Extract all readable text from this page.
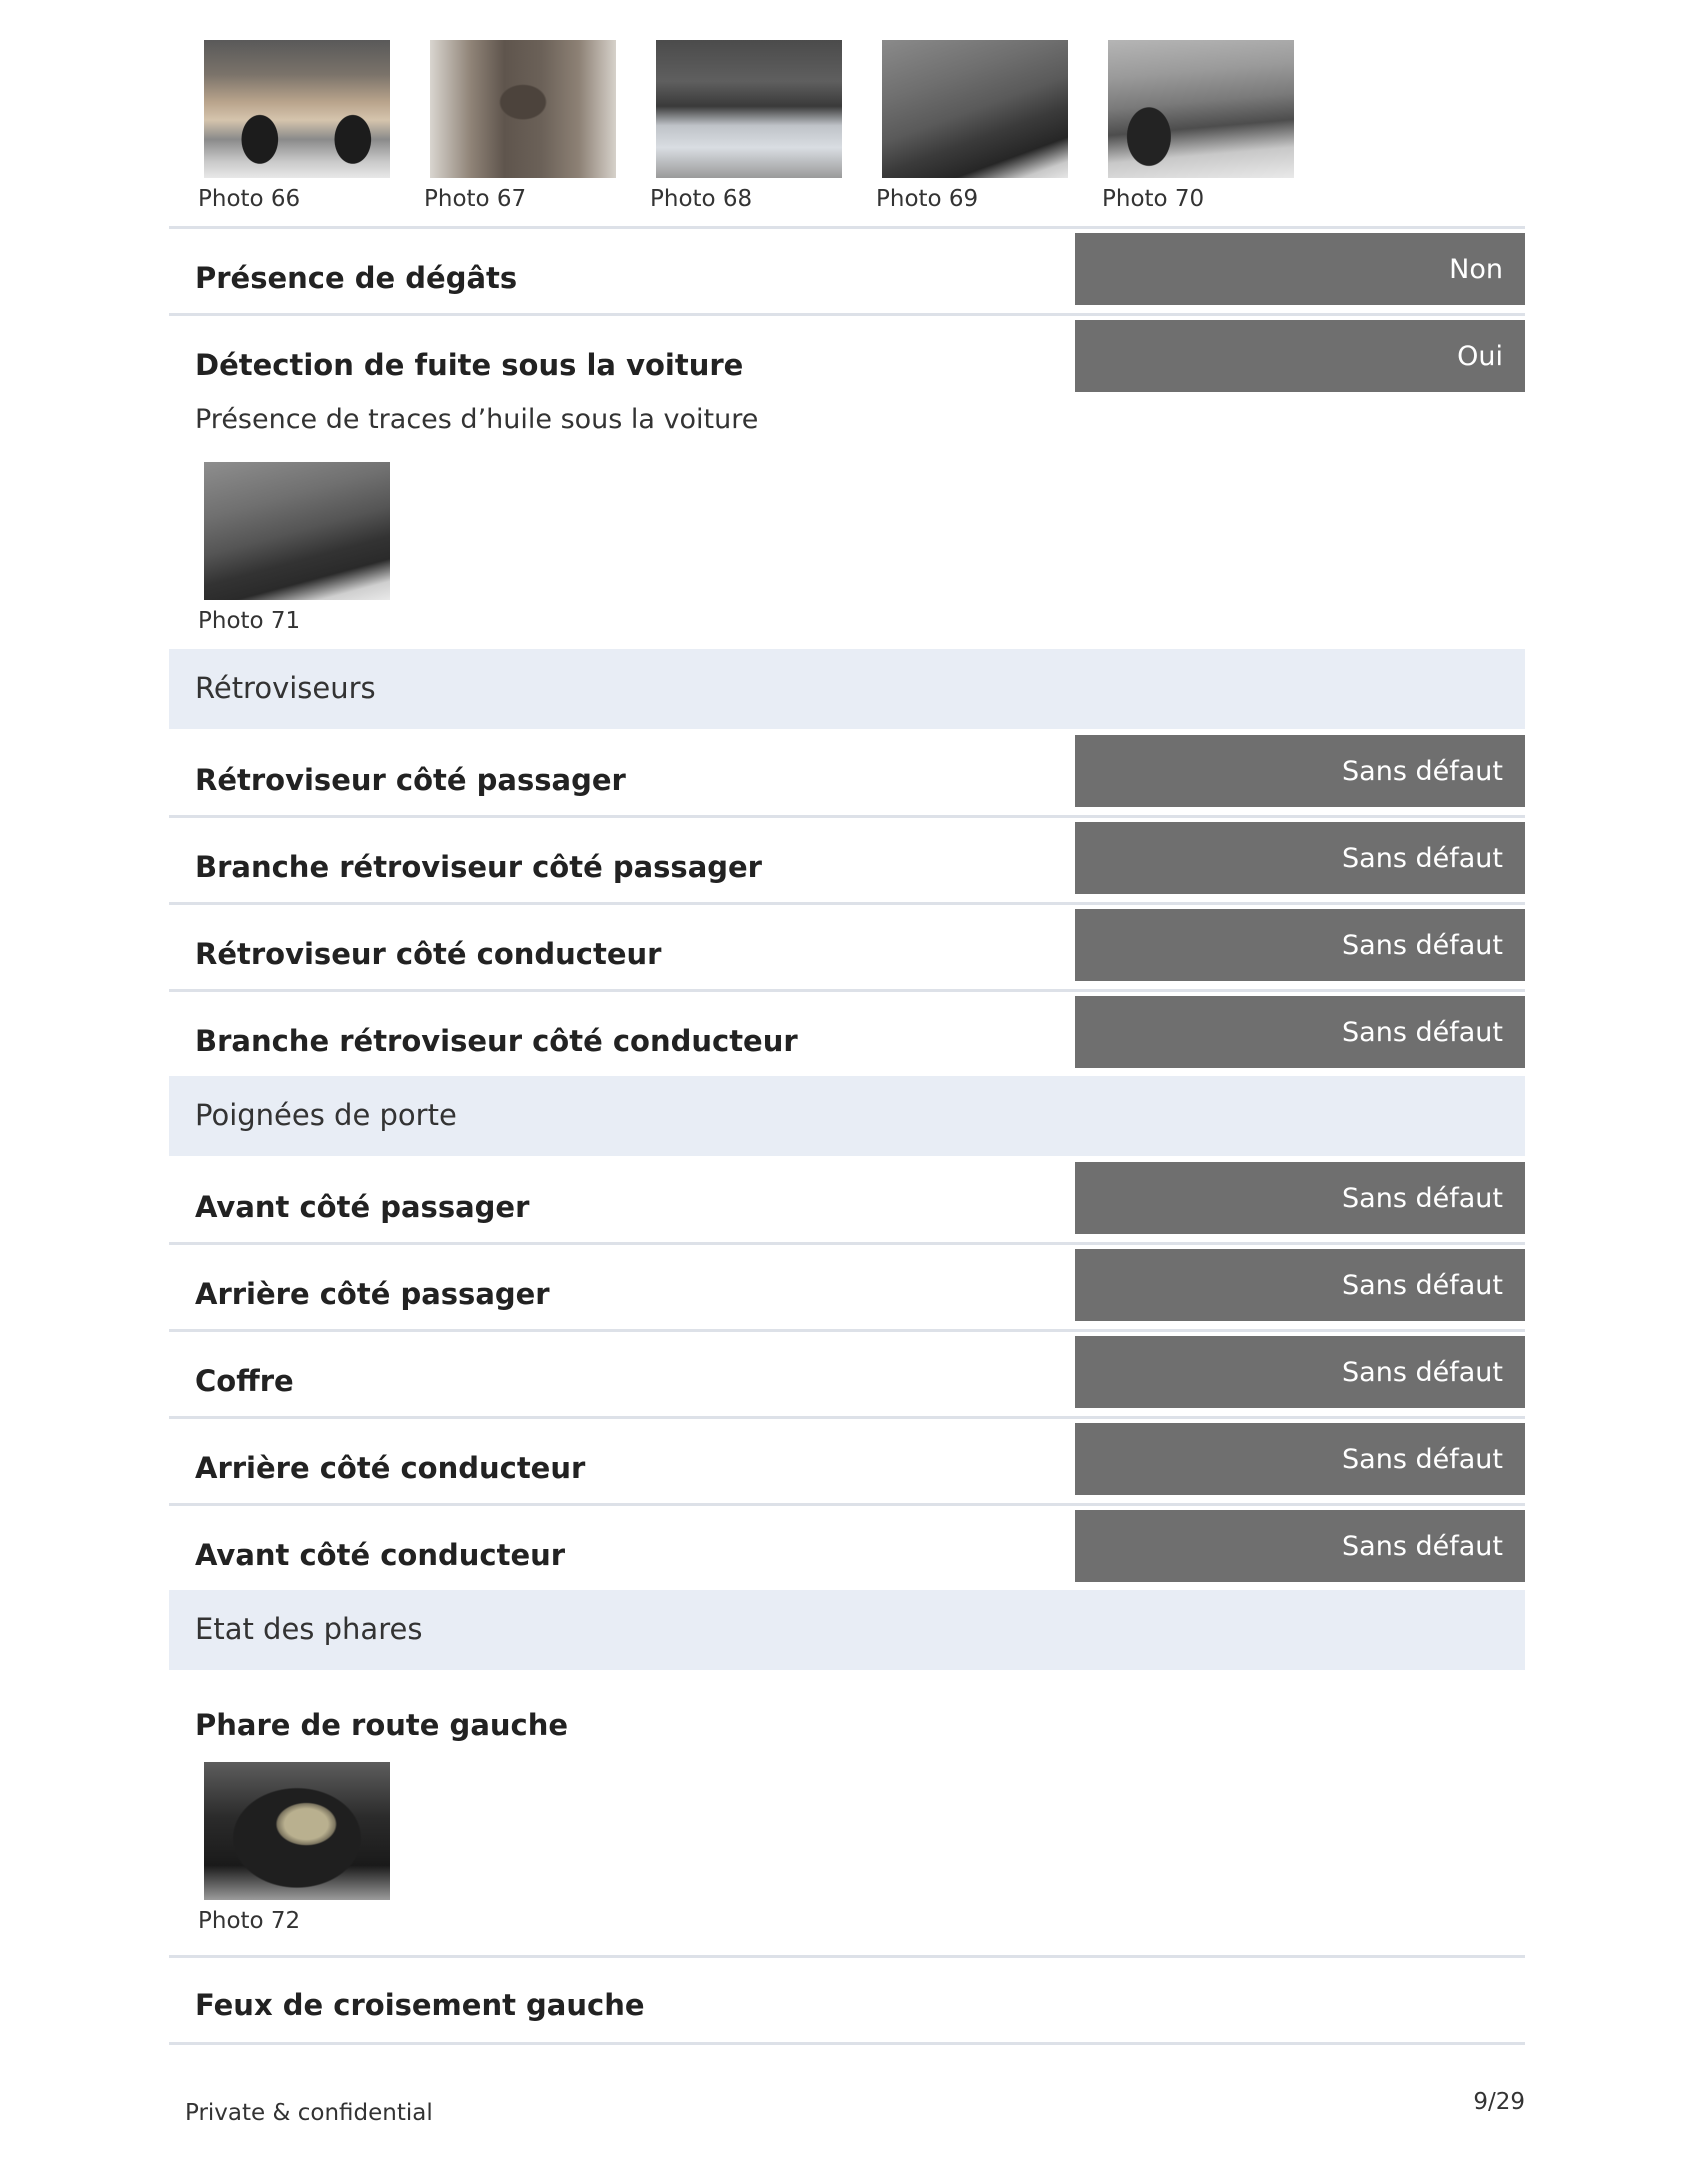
Photo 66	Photo 67	Photo 68	Photo 69	Photo 70
Présence de dégâts	Non
Détection de fuite sous la voiture	Oui
Présence de traces d’huile sous la voiture
Photo 71
Rétroviseurs
Rétroviseur côté passager	Sans défaut
Branche rétroviseur côté passager	Sans défaut
Rétroviseur côté conducteur	Sans défaut
Branche rétroviseur côté conducteur	Sans défaut
Poignées de porte
Avant côté passager	Sans défaut
Arrière côté passager	Sans défaut
Coffre	Sans défaut
Arrière côté conducteur	Sans défaut
Avant côté conducteur	Sans défaut
Etat des phares
Phare de route gauche
Photo 72
Feux de croisement gauche
Private & confidential	9/29
